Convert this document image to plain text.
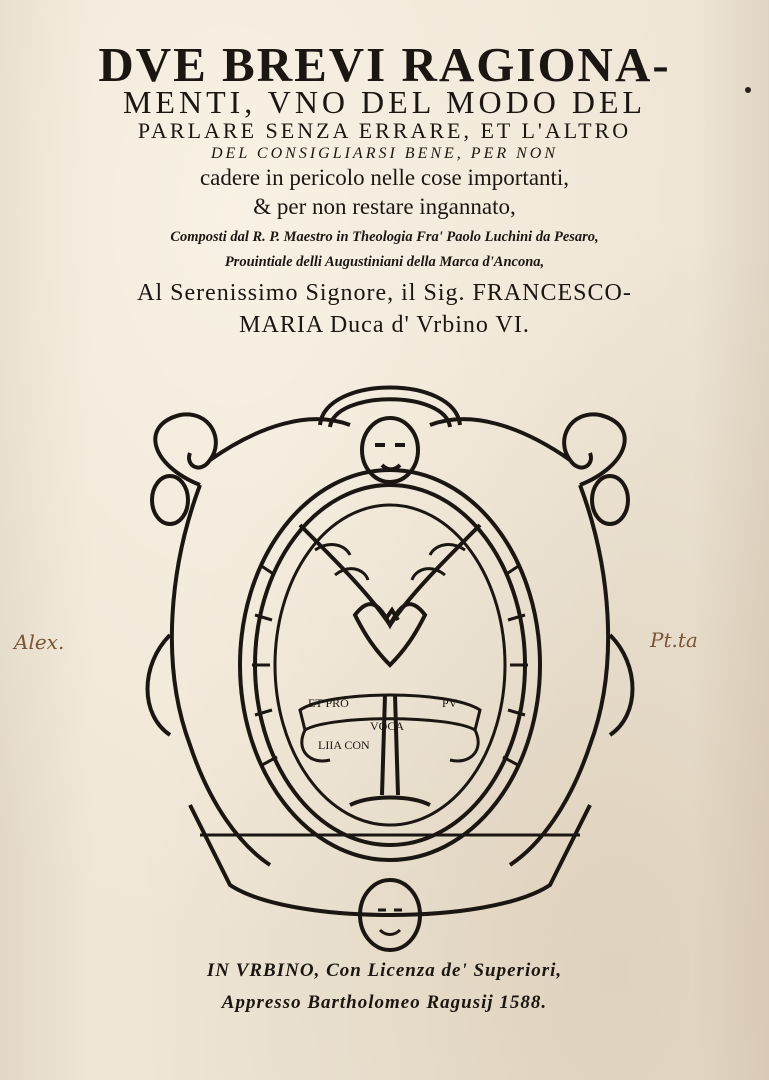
DVE BREVI RAGIONA-
MENTI, VNO DEL MODO DEL
PARLARE SENZA ERRARE, ET L'ALTRO
DEL CONSIGLIARSI BENE, PER NON
cadere in pericolo nelle cose importanti,
& per non restare ingannato,
Composti dal R. P. Maestro in Theologia Fra' Paolo Luchini da Pesaro,
Prouintiale delli Augustiniani della Marca d'Ancona,
Al Serenissimo Signore, il Sig. FRANCESCO-
MARIA Duca d' Vrbino VI.
Alex.	Pt.ta
ET PRO	PV
LIIA CON
VOCA
IN VRBINO, Con Licenza de' Superiori,
Appresso Bartholomeo Ragusij 1588.
